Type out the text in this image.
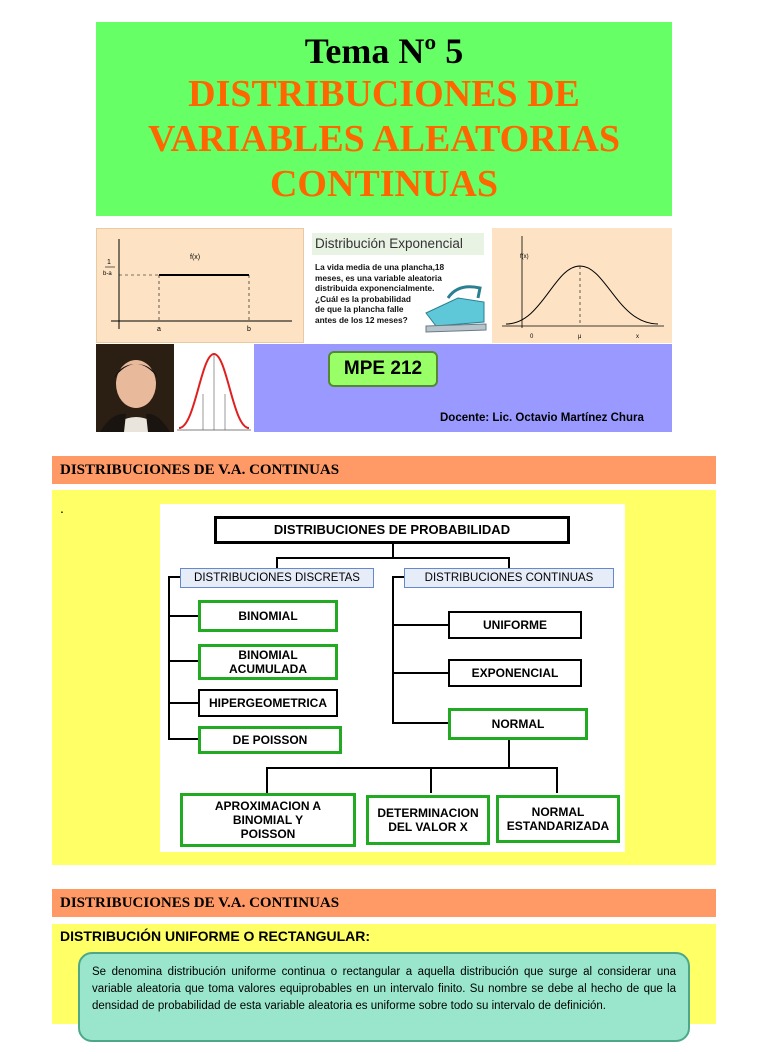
Tema Nº 5
DISTRIBUCIONES DE
VARIABLES ALEATORIAS
CONTINUAS
1
b-a
f(x)
a	b
Distribución Exponencial
La vida media de una plancha,18
meses, es una variable aleatoria
distribuida exponencialmente.
¿Cuál es la probabilidad
de que la plancha falle
antes de los 12 meses?
f(x)
0	μ	x
MPE 212
Docente: Lic. Octavio Martínez Chura
DISTRIBUCIONES DE V.A. CONTINUAS
.
DISTRIBUCIONES DE PROBABILIDAD
DISTRIBUCIONES DISCRETAS	DISTRIBUCIONES CONTINUAS
BINOMIAL
BINOMIAL
ACUMULADA
HIPERGEOMETRICA
DE POISSON
UNIFORME
EXPONENCIAL
NORMAL
APROXIMACION A
BINOMIAL Y
POISSON
DETERMINACION
DEL VALOR X
NORMAL
ESTANDARIZADA
DISTRIBUCIONES DE V.A. CONTINUAS
DISTRIBUCIÓN UNIFORME O RECTANGULAR:
Se denomina distribución uniforme continua o rectangular a aquella distribución que surge al considerar una variable aleatoria que toma valores equiprobables en un intervalo finito. Su nombre se debe al hecho de que la densidad de probabilidad de esta variable aleatoria es uniforme sobre todo su intervalo de definición.
